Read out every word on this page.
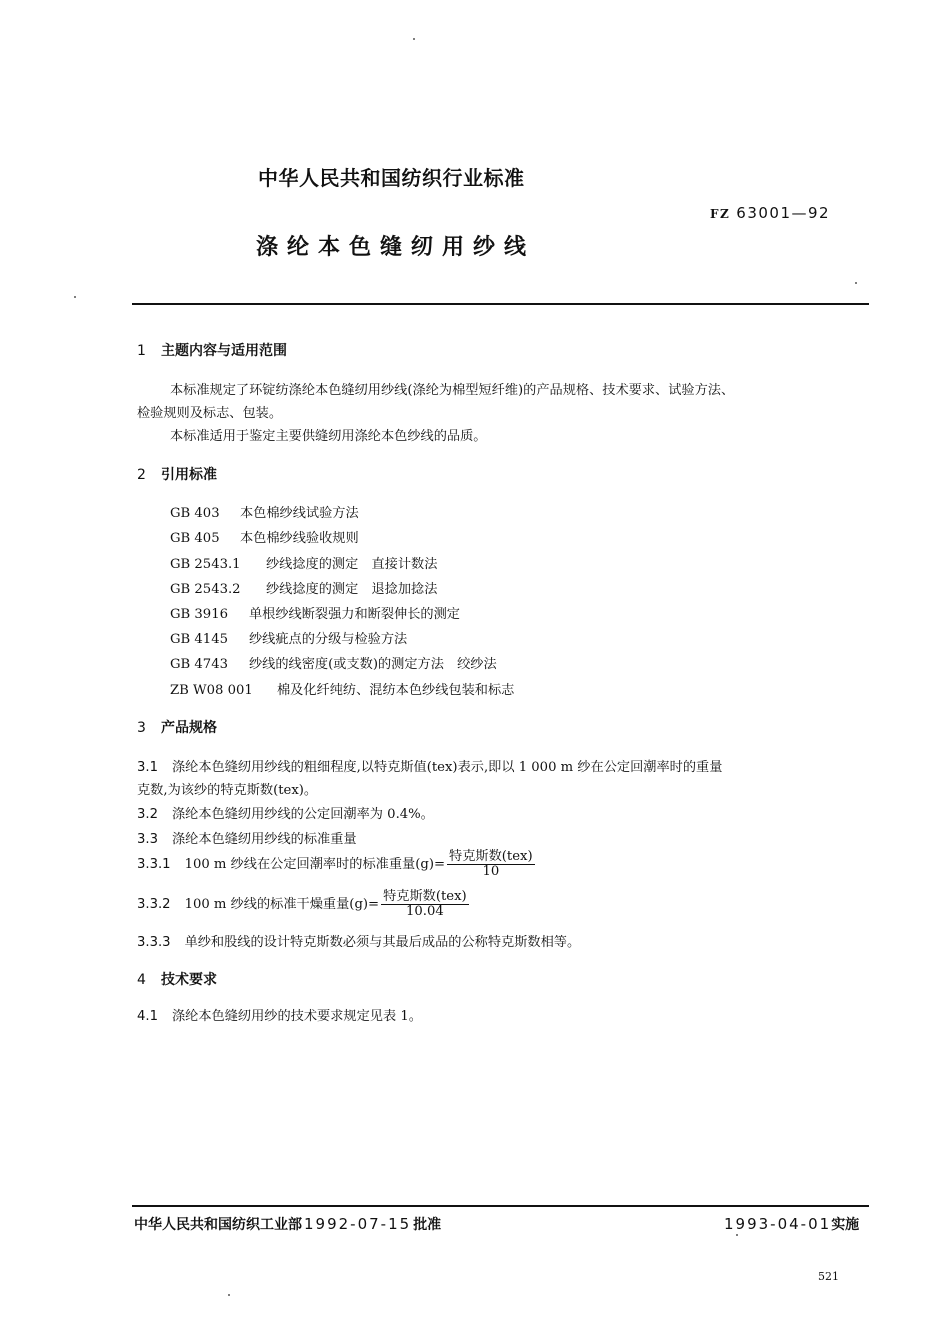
中华人民共和国纺织行业标准
FZ 63001—92
涤纶本色缝纫用纱线
1 主题内容与适用范围
本标准规定了环锭纺涤纶本色缝纫用纱线(涤纶为棉型短纤维)的产品规格、技术要求、试验方法、
检验规则及标志、包装。
本标准适用于鉴定主要供缝纫用涤纶本色纱线的品质。
2 引用标准
GB 403 本色棉纱线试验方法
GB 405 本色棉纱线验收规则
GB 2543.1 纱线捻度的测定　直接计数法
GB 2543.2 纱线捻度的测定　退捻加捻法
GB 3916 单根纱线断裂强力和断裂伸长的测定
GB 4145 纱线疵点的分级与检验方法
GB 4743 纱线的线密度(或支数)的测定方法　绞纱法
ZB W08 001 棉及化纤纯纺、混纺本色纱线包装和标志
3 产品规格
3.1 涤纶本色缝纫用纱线的粗细程度,以特克斯值(tex)表示,即以 1 000 m 纱在公定回潮率时的重量
克数,为该纱的特克斯数(tex)。
3.2 涤纶本色缝纫用纱线的公定回潮率为 0.4%。
3.3 涤纶本色缝纫用纱线的标准重量
3.3.1 100 m 纱线在公定回潮率时的标准重量$(g)= \frac{\text{特克斯数(tex)}}{10}$
3.3.2 100 m 纱线的标准干燥重量$(g)= \frac{\text{特克斯数(tex)}}{10.04}$
3.3.3 单纱和股线的设计特克斯数必须与其最后成品的公称特克斯数相等。
4 技术要求
4.1 涤纶本色缝纫用纱的技术要求规定见表 1。
中华人民共和国纺织工业部 1992-07-15 批准	1993-04-01实施
521
